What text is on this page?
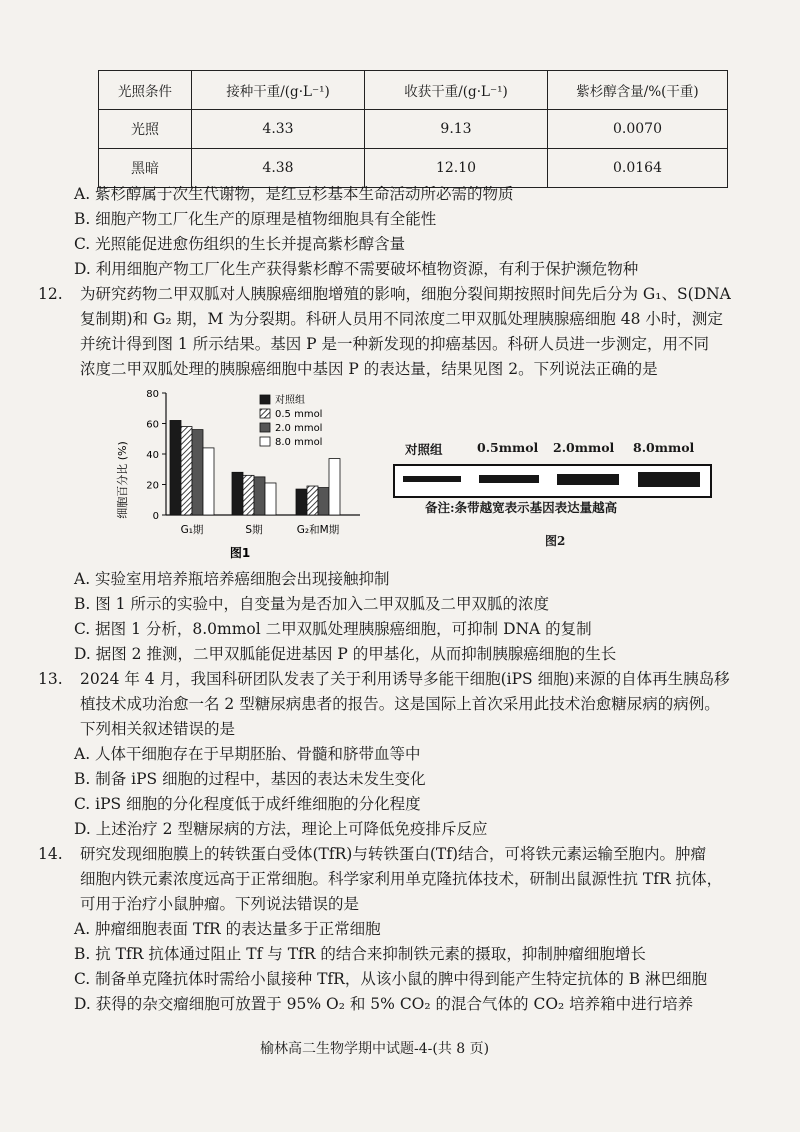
光照条件	接种干重/(g·L⁻¹)	收获干重/(g·L⁻¹)	紫杉醇含量/%(干重)
光照	4.33	9.13	0.0070
黑暗	4.38	12.10	0.0164
A. 紫杉醇属于次生代谢物，是红豆杉基本生命活动所必需的物质
B. 细胞产物工厂化生产的原理是植物细胞具有全能性
C. 光照能促进愈伤组织的生长并提高紫杉醇含量
D. 利用细胞产物工厂化生产获得紫杉醇不需要破坏植物资源，有利于保护濒危物种
12. 为研究药物二甲双胍对人胰腺癌细胞增殖的影响，细胞分裂间期按照时间先后分为 G₁、S(DNA
复制期)和 G₂ 期，M 为分裂期。科研人员用不同浓度二甲双胍处理胰腺癌细胞 48 小时，测定
并统计得到图 1 所示结果。基因 P 是一种新发现的抑癌基因。科研人员进一步测定，用不同
浓度二甲双胍处理的胰腺癌细胞中基因 P 的表达量，结果见图 2。下列说法正确的是
细胞百分比 (%) 0
20
40
60
80
G₁期	S期	G₂和M期
对照组
0.5 mmol
2.0 mmol
8.0 mmol
图1
对照组	0.5mmol 2.0mmol 8.0mmol
备注:条带越宽表示基因表达量越高
图2
A. 实验室用培养瓶培养癌细胞会出现接触抑制
B. 图 1 所示的实验中，自变量为是否加入二甲双胍及二甲双胍的浓度
C. 据图 1 分析，8.0mmol 二甲双胍处理胰腺癌细胞，可抑制 DNA 的复制
D. 据图 2 推测，二甲双胍能促进基因 P 的甲基化，从而抑制胰腺癌细胞的生长
13. 2024 年 4 月，我国科研团队发表了关于利用诱导多能干细胞(iPS 细胞)来源的自体再生胰岛移
植技术成功治愈一名 2 型糖尿病患者的报告。这是国际上首次采用此技术治愈糖尿病的病例。
下列相关叙述错误的是
A. 人体干细胞存在于早期胚胎、骨髓和脐带血等中
B. 制备 iPS 细胞的过程中，基因的表达未发生变化
C. iPS 细胞的分化程度低于成纤维细胞的分化程度
D. 上述治疗 2 型糖尿病的方法，理论上可降低免疫排斥反应
14. 研究发现细胞膜上的转铁蛋白受体(TfR)与转铁蛋白(Tf)结合，可将铁元素运输至胞内。肿瘤
细胞内铁元素浓度远高于正常细胞。科学家利用单克隆抗体技术，研制出鼠源性抗 TfR 抗体，
可用于治疗小鼠肿瘤。下列说法错误的是
A. 肿瘤细胞表面 TfR 的表达量多于正常细胞
B. 抗 TfR 抗体通过阻止 Tf 与 TfR 的结合来抑制铁元素的摄取，抑制肿瘤细胞增长
C. 制备单克隆抗体时需给小鼠接种 TfR，从该小鼠的脾中得到能产生特定抗体的 B 淋巴细胞
D. 获得的杂交瘤细胞可放置于 95% O₂ 和 5% CO₂ 的混合气体的 CO₂ 培养箱中进行培养
榆林高二生物学期中试题-4-(共 8 页)
